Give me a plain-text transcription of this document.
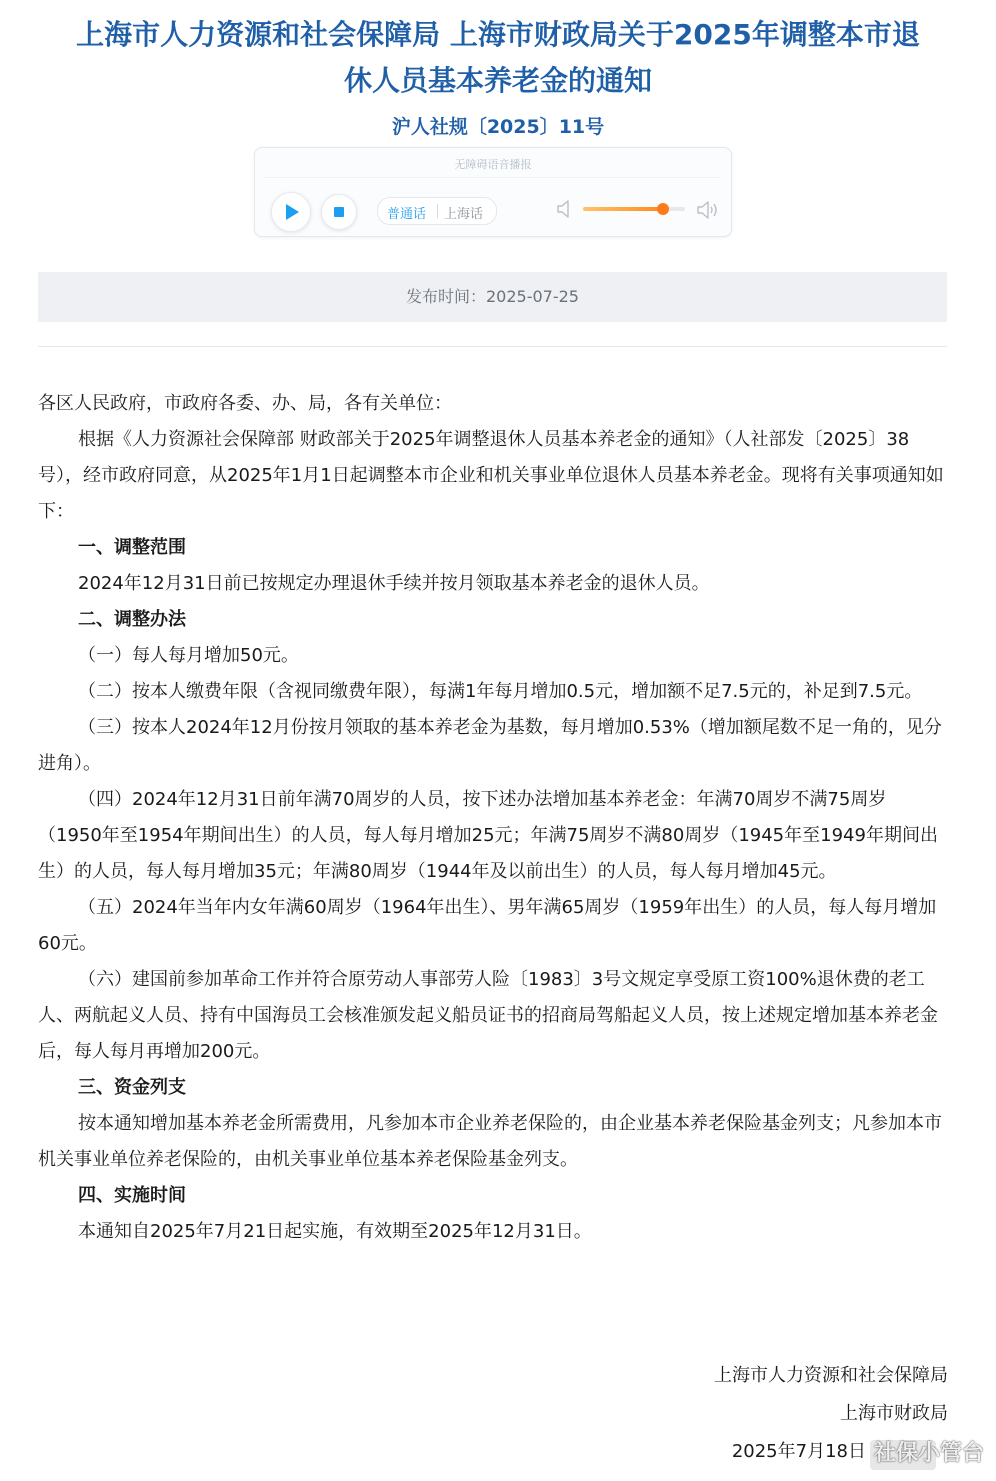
上海市人力资源和社会保障局 上海市财政局关于2025年调整本市退
休人员基本养老金的通知
沪人社规〔2025〕11号
无障碍语音播报
普通话 上海话
发布时间：2025-07-25

各区人民政府，市政府各委、办、局，各有关单位：

根据《人力资源社会保障部 财政部关于2025年调整退休人员基本养老金的通知》（人社部发〔2025〕38号），经市政府同意，从2025年1月1日起调整本市企业和机关事业单位退休人员基本养老金。现将有关事项通知如下：

一、调整范围

2024年12月31日前已按规定办理退休手续并按月领取基本养老金的退休人员。

二、调整办法

（一）每人每月增加50元。

（二）按本人缴费年限（含视同缴费年限），每满1年每月增加0.5元，增加额不足7.5元的，补足到7.5元。

（三）按本人2024年12月份按月领取的基本养老金为基数，每月增加0.53%（增加额尾数不足一角的，见分进角）。

（四）2024年12月31日前年满70周岁的人员，按下述办法增加基本养老金：年满70周岁不满75周岁（1950年至1954年期间出生）的人员，每人每月增加25元；年满75周岁不满80周岁（1945年至1949年期间出生）的人员，每人每月增加35元；年满80周岁（1944年及以前出生）的人员，每人每月增加45元。

（五）2024年当年内女年满60周岁（1964年出生）、男年满65周岁（1959年出生）的人员，每人每月增加60元。

（六）建国前参加革命工作并符合原劳动人事部劳人险〔1983〕3号文规定享受原工资100%退休费的老工人、两航起义人员、持有中国海员工会核准颁发起义船员证书的招商局驾船起义人员，按上述规定增加基本养老金后，每人每月再增加200元。

三、资金列支

按本通知增加基本养老金所需费用，凡参加本市企业养老保险的，由企业基本养老保险基金列支；凡参加本市机关事业单位养老保险的，由机关事业单位基本养老保险基金列支。

四、实施时间

本通知自2025年7月21日起实施，有效期至2025年12月31日。

上海市人力资源和社会保障局
上海市财政局
2025年7月18日 社保小管台
